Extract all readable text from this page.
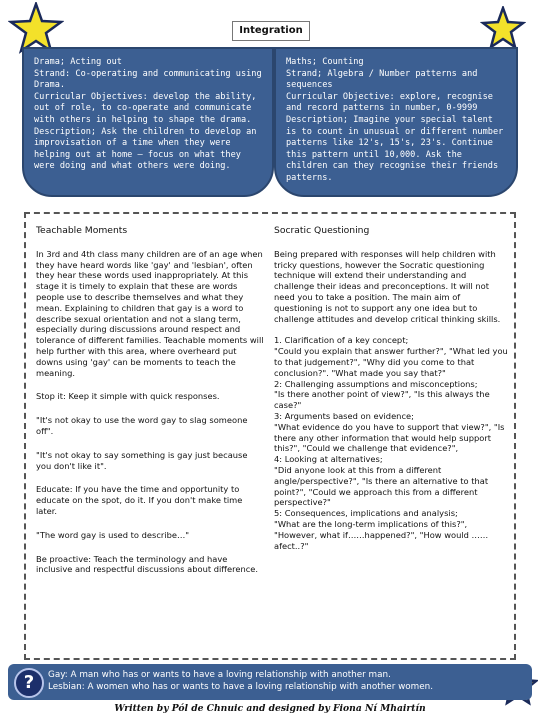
Integration

Drama; Acting out

Strand: Co-operating and communicating using Drama.

Curricular Objectives: develop the ability, out of role, to co-operate and communicate with others in helping to shape the drama.

Description; Ask the children to develop an improvisation of a time when they were helping out at home – focus on what they were doing and what others were doing.

Maths; Counting

Strand; Algebra / Number patterns and sequences

Curricular Objective: explore, recognise and record patterns in number, 0-9999

Description; Imagine your special talent is to count in unusual or different number patterns like 12's, 15's, 23's. Continue this pattern until 10,000. Ask the children can they recognise their friends patterns.

Teachable Moments

In 3rd and 4th class many children are of an age when they have heard words like 'gay' and 'lesbian', often they hear these words used inappropriately. At this stage it is timely to explain that these are words people use to describe themselves and what they mean. Explaining to children that gay is a word to describe sexual orientation and not a slang term, especially during discussions around respect and tolerance of different families. Teachable moments will help further with this area, where overheard put downs using 'gay' can be moments to teach the meaning.

Stop it: Keep it simple with quick responses.

"It's not okay to use the word gay to slag someone off".

"It's not okay to say something is gay just because you don't like it".

Educate: If you have the time and opportunity to educate on the spot, do it. If you don't make time later.

"The word gay is used to describe…"

Be proactive: Teach the terminology and have inclusive and respectful discussions about difference.

Socratic Questioning

Being prepared with responses will help children with tricky questions, however the Socratic questioning technique will extend their understanding and challenge their ideas and preconceptions. It will not need you to take a position. The main aim of questioning is not to support any one idea but to challenge attitudes and develop critical thinking skills.

1. Clarification of a key concept;

"Could you explain that answer further?", "What led you to that judgement?", "Why did you come to that conclusion?". "What made you say that?"

2: Challenging assumptions and misconceptions;

"Is there another point of view?", "Is this always the case?"

3: Arguments based on evidence;

"What evidence do you have to support that view?", "Is there any other information that would help support this?", "Could we challenge that evidence?",

4: Looking at alternatives;

"Did anyone look at this from a different angle/perspective?", "Is there an alternative to that point?", "Could we approach this from a different perspective?"

5: Consequences, implications and analysis;

"What are the long-term implications of this?", "However, what if……happened?", "How would ……afect..?"

?	Gay: A man who has or wants to have a loving relationship with another man.
Lesbian: A women who has or wants to have a loving relationship with another women.
Written by Pól de Chnuic and designed by Fiona Ní Mhairtín
